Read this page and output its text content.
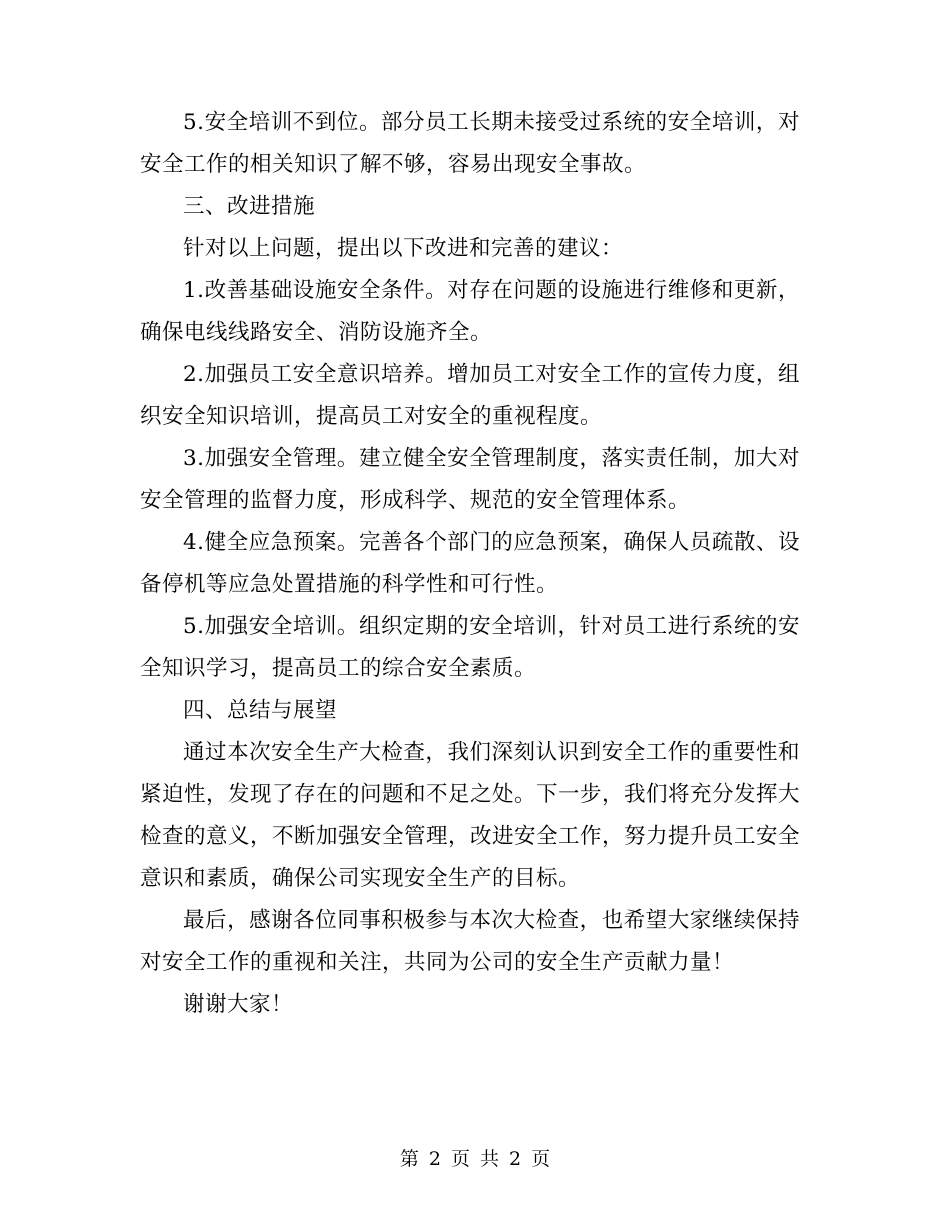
5.安全培训不到位。部分员工长期未接受过系统的安全培训，对安全工作的相关知识了解不够，容易出现安全事故。

三、改进措施

针对以上问题，提出以下改进和完善的建议：

1.改善基础设施安全条件。对存在问题的设施进行维修和更新，确保电线线路安全、消防设施齐全。

2.加强员工安全意识培养。增加员工对安全工作的宣传力度，组织安全知识培训，提高员工对安全的重视程度。

3.加强安全管理。建立健全安全管理制度，落实责任制，加大对安全管理的监督力度，形成科学、规范的安全管理体系。

4.健全应急预案。完善各个部门的应急预案，确保人员疏散、设备停机等应急处置措施的科学性和可行性。

5.加强安全培训。组织定期的安全培训，针对员工进行系统的安全知识学习，提高员工的综合安全素质。

四、总结与展望

通过本次安全生产大检查，我们深刻认识到安全工作的重要性和紧迫性，发现了存在的问题和不足之处。下一步，我们将充分发挥大检查的意义，不断加强安全管理，改进安全工作，努力提升员工安全意识和素质，确保公司实现安全生产的目标。

最后，感谢各位同事积极参与本次大检查，也希望大家继续保持对安全工作的重视和关注，共同为公司的安全生产贡献力量！

谢谢大家！

第 2 页 共 2 页
